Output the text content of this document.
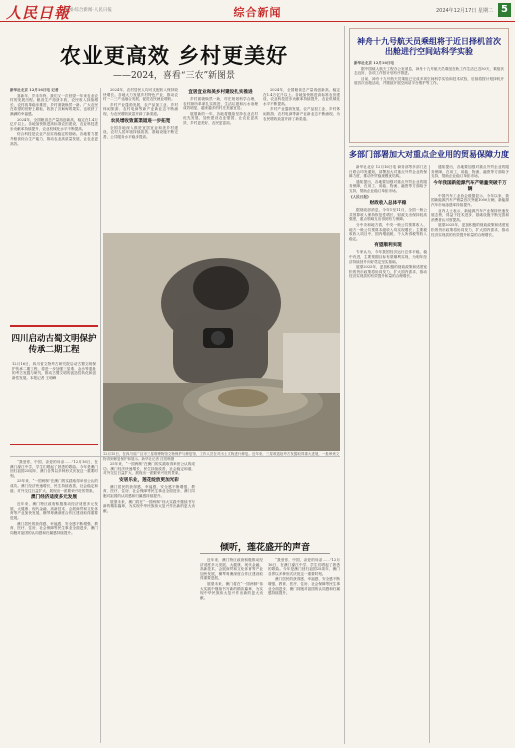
人民日報
要闻·综合新闻·人民日报	综合新闻	2024年12月17日 星期二 5
农业更高效 乡村更美好
——2024，喜看“三农”新图景

新华社北京 12月16日电 记者

喜新年，岁末年终，我们又一次回望一年来农业农村的发展历程。粮食生产再获丰收，农民收入持续增长，农村改革稳步推进，乡村面貌焕然一新。广大农民在希望的田野上耕耘，收获了沉甸甸的果实，也收获了满满的幸福感。

2024年，全国粮食总产量再创新高，稳定在1.4万亿斤以上。各地加快推进高标准农田建设，农业科技进步贡献率持续提升，农业机械化水平不断提高。

综合科技是农业产品实现稳定的基础。各地着力提升粮食综合生产能力，推动农业高质量发展，让农业更高效。

2024年，农村居民人均可支配收入保持较快增长。各地大力发展乡村特色产业，推动农村一二三产业融合发展，促进农民就业增收。

乡村产业蓬勃发展，农产品加工业、乡村休闲旅游、农村电商等新产业新业态不断涌现，为农民增收致富开辟了新渠道。

农民增收致富渠道进一步拓宽

全国各地深入推进宜居宜业和美乡村建设，农村人居环境持续改善，基础设施不断完善，公共服务水平稳步提高。

宜居宜业和美乡村建设扎实推进

乡村面貌焕然一新，村庄规划科学合理，农村厕所革命扎实推进，生活垃圾和污水治理成效明显，越来越多的村庄美丽宜居。

展望新的一年，各地将继续坚持农业农村优先发展，加快建设农业强国，让农业更高效、乡村更美好、农民更富裕。

2024年，全国粮食总产量再创新高，稳定在1.4万亿斤以上。各地加快推进高标准农田建设，农业科技进步贡献率持续提升，农业机械化水平不断提高。

乡村产业蓬勃发展，农产品加工业、乡村休闲旅游、农村电商等新产业新业态不断涌现，为农民增收致富开辟了新渠道。

四川启动古蜀文明保护传承二期工程
12月16日，四川省文物考古研究院启动古蜀文明保护传承二期工程，将进一步加强三星堆、金沙等遗址的考古发掘与研究，推动古蜀文明的创造性转化和创新性发展。本报记者 王明峰
12月15日，在四川省广汉市三星堆博物馆文物保护与修复馆，工作人员在对出土文物进行修复。近年来，三星堆遗址考古发掘取得重大进展，一批珍贵文物得到修复保护和展示。新华社记者 沈伯韩摄

“我爱你，中国，亲爱的母亲……”12月16日，在澳门濠江中学，学生们唱起了熟悉的歌曲。今年是澳门回归祖国25周年，澳门各界以多种形式庆祝这一重要时刻。

25年来，“一国两制”在澳门的实践取得举世公认的成功。澳门经济快速增长，民生持续改善，社会稳定和谐，对外交往日益扩大，展现出一派繁荣兴旺的景象。

澳门经济适度多元发展

近年来，澳门特区政府积极推动经济适度多元发展，大健康、现代金融、高新技术、会展商贸和文化体育等产业加快发展，横琴粤澳深度合作区建设取得重要进展。

澳门居民的获得感、幸福感、安全感不断增强，教育、医疗、住房、社会保障等民生事业全面进步，澳门同胞对祖国的认同感和归属感持续提升。

25年来，“一国两制”在澳门的实践取得举世公认的成功。澳门经济快速增长，民生持续改善，社会稳定和谐，对外交往日益扩大，展现出一派繁荣兴旺的景象。

安居乐业，莲花绽放更加光彩

澳门居民的获得感、幸福感、安全感不断增强，教育、医疗、住房、社会保障等民生事业全面进步，澳门同胞对祖国的认同感和归属感持续提升。

展望未来，澳门将在“一国两制”伟大实践中继续书写新的精彩篇章，为实现中华民族伟大复兴作出新的更大贡献。

倾听，莲花盛开的声音

近年来，澳门特区政府积极推动经济适度多元发展，大健康、现代金融、高新技术、会展商贸和文化体育等产业加快发展，横琴粤澳深度合作区建设取得重要进展。

展望未来，澳门将在“一国两制”伟大实践中继续书写新的精彩篇章，为实现中华民族伟大复兴作出新的更大贡献。

“我爱你，中国，亲爱的母亲……”12月16日，在澳门濠江中学，学生们唱起了熟悉的歌曲。今年是澳门回归祖国25周年，澳门各界以多种形式庆祝这一重要时刻。

澳门居民的获得感、幸福感、安全感不断增强，教育、医疗、住房、社会保障等民生事业全面进步，澳门同胞对祖国的认同感和归属感持续提升。

神舟十九号航天员乘组将于近日择机首次出舱进行空间站科学实验

新华社北京 12月16日电

据中国载人航天工程办公室消息，神舟十九号航天员乘组在轨工作生活已近50天，乘组状态良好，各项工作按计划有序推进。

目前，神舟十九号航天员乘组已完成多项空间科学实验和技术试验，后续将按计划择机开展首次出舱活动，并继续开展空间站平台维护等工作。

多部门部署加大对重点企业用的贸易保障力度

新华社北京 12月16日电 商务部等多部门近日联合印发通知，部署加大对重点外贸企业的保障力度，推动外贸稳规模优结构。

通知提出，各地要加强对重点外贸企业的服务保障，在用工、用能、物流、融资等方面给予支持，帮助企业稳订单拓市场。

《人民日报》

财政收入总体平稳

据财政部消息，今年1至11月，全国一般公共预算收入保持恢复性增长，财政支出保持较高强度，重点领域支出得到有力保障。

分中央和地方看，中央一般公共预算收入、地方一般公共预算本级收入均实现增长；主要税收收入项目中，国内增值税、个人所得税等收入稳定。

有望顺利实现

专家认为，今年我国经济运行总体平稳、稳中有进，主要预期目标有望顺利实现，为明年经济持续回升向好奠定坚实基础。

展望2025年，更加积极的财政政策和适度宽松的货币政策将协同发力，扩大国内需求，推动经济实现质的有效提升和量的合理增长。

通知提出，各地要加强对重点外贸企业的服务保障，在用工、用能、物流、融资等方面给予支持，帮助企业稳订单拓市场。

今年我国新能源汽车产销量突破千万辆

中国汽车工业协会数据显示，今年以来，我国新能源汽车产销量首次突破1000万辆，新能源汽车市场渗透率持续提升。

业内人士表示，新能源汽车产业保持快速发展态势，得益于技术进步、基础设施不断完善和消费者认可度提高。

展望2025年，更加积极的财政政策和适度宽松的货币政策将协同发力，扩大国内需求，推动经济实现质的有效提升和量的合理增长。
